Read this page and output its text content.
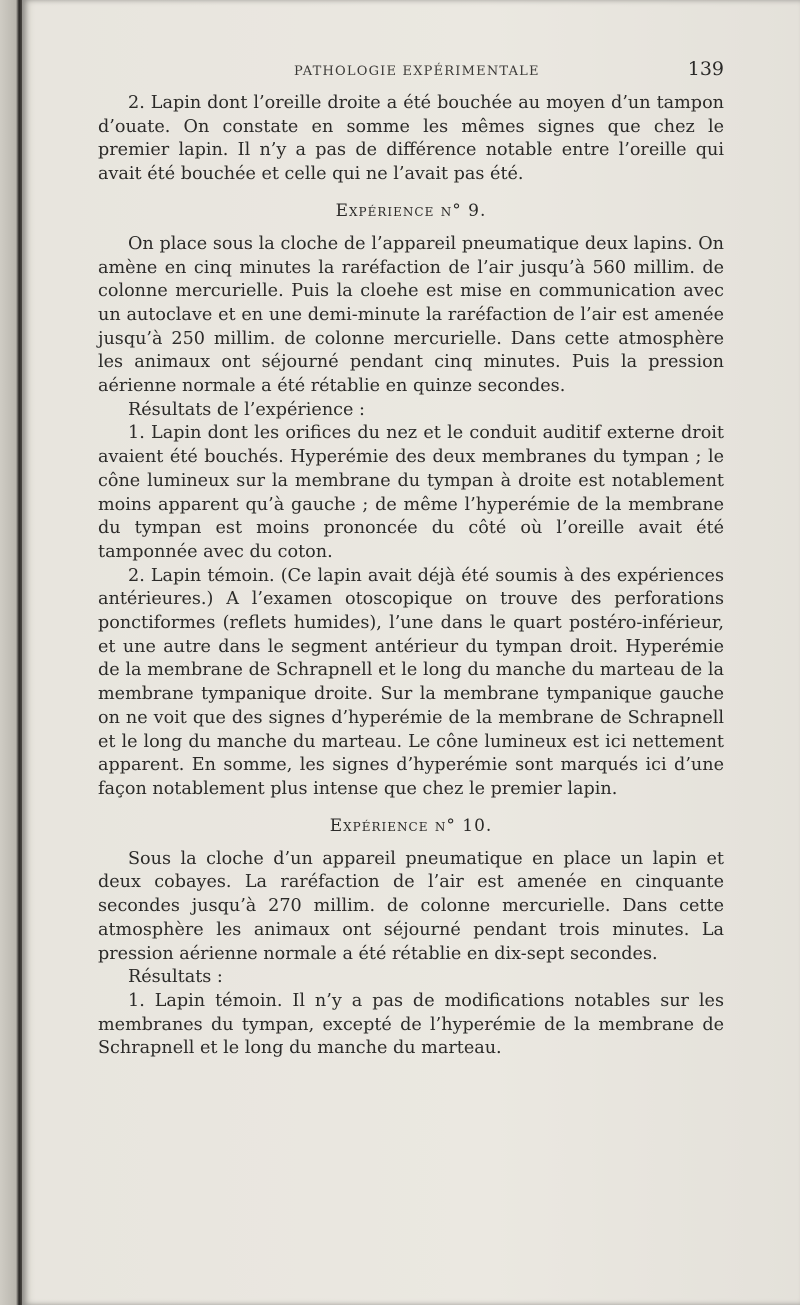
PATHOLOGIE EXPÉRIMENTALE	139

2. Lapin dont l’oreille droite a été bouchée au moyen d’un tampon d’ouate. On constate en somme les mêmes signes que chez le premier lapin. Il n’y a pas de différence notable entre l’oreille qui avait été bouchée et celle qui ne l’avait pas été.

Expérience n° 9.

On place sous la cloche de l’appareil pneumatique deux lapins. On amène en cinq minutes la raréfaction de l’air jusqu’à 560 millim. de colonne mercurielle. Puis la cloehe est mise en communication avec un autoclave et en une demi-minute la raréfaction de l’air est amenée jusqu’à 250 millim. de colonne mercurielle. Dans cette atmosphère les animaux ont séjourné pendant cinq minutes. Puis la pression aérienne normale a été rétablie en quinze secondes.

Résultats de l’expérience :

1. Lapin dont les orifices du nez et le conduit auditif externe droit avaient été bouchés. Hyperémie des deux membranes du tympan ; le cône lumineux sur la membrane du tympan à droite est notablement moins apparent qu’à gauche ; de même l’hyperémie de la membrane du tympan est moins prononcée du côté où l’oreille avait été tamponnée avec du coton.

2. Lapin témoin. (Ce lapin avait déjà été soumis à des expériences antérieures.) A l’examen otoscopique on trouve des perforations ponctiformes (reflets humides), l’une dans le quart postéro-inférieur, et une autre dans le segment antérieur du tympan droit. Hyperémie de la membrane de Schrapnell et le long du manche du marteau de la membrane tympanique droite. Sur la membrane tympanique gauche on ne voit que des signes d’hyperémie de la membrane de Schrapnell et le long du manche du marteau. Le cône lumineux est ici nettement apparent. En somme, les signes d’hyperémie sont marqués ici d’une façon notablement plus intense que chez le premier lapin.

Expérience n° 10.

Sous la cloche d’un appareil pneumatique en place un lapin et deux cobayes. La raréfaction de l’air est amenée en cinquante secondes jusqu’à 270 millim. de colonne mercurielle. Dans cette atmosphère les animaux ont séjourné pendant trois minutes. La pression aérienne normale a été rétablie en dix-sept secondes.

Résultats :

1. Lapin témoin. Il n’y a pas de modifications notables sur les membranes du tympan, excepté de l’hyperémie de la membrane de Schrapnell et le long du manche du marteau.
